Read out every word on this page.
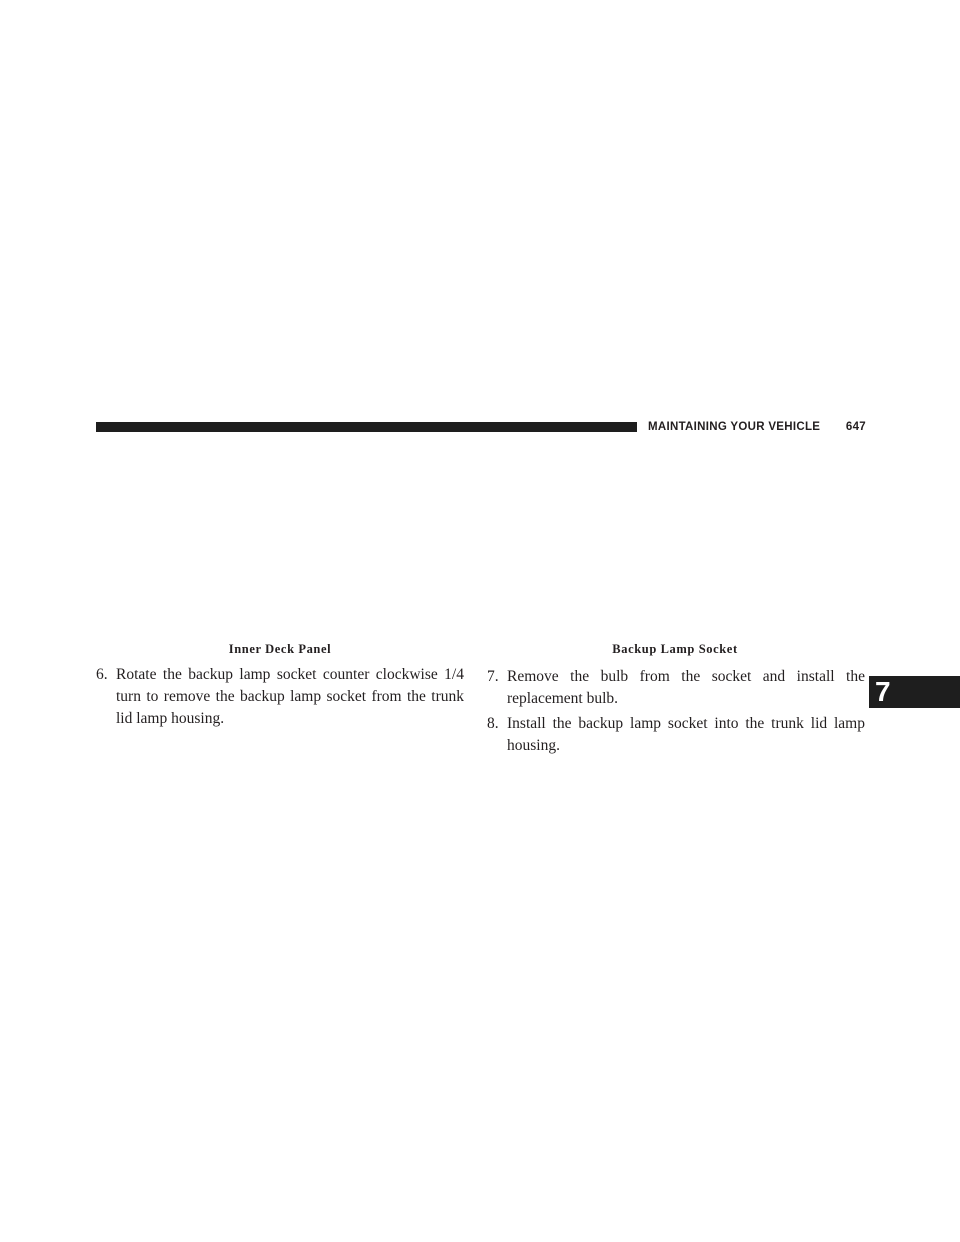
MAINTAINING YOUR VEHICLE 647
7
Inner Deck Panel	Backup Lamp Socket
6. Rotate the backup lamp socket counter clockwise 1/4 turn to remove the backup lamp socket from the trunk lid lamp housing.
7. Remove the bulb from the socket and install the replacement bulb.
8. Install the backup lamp socket into the trunk lid lamp housing.
